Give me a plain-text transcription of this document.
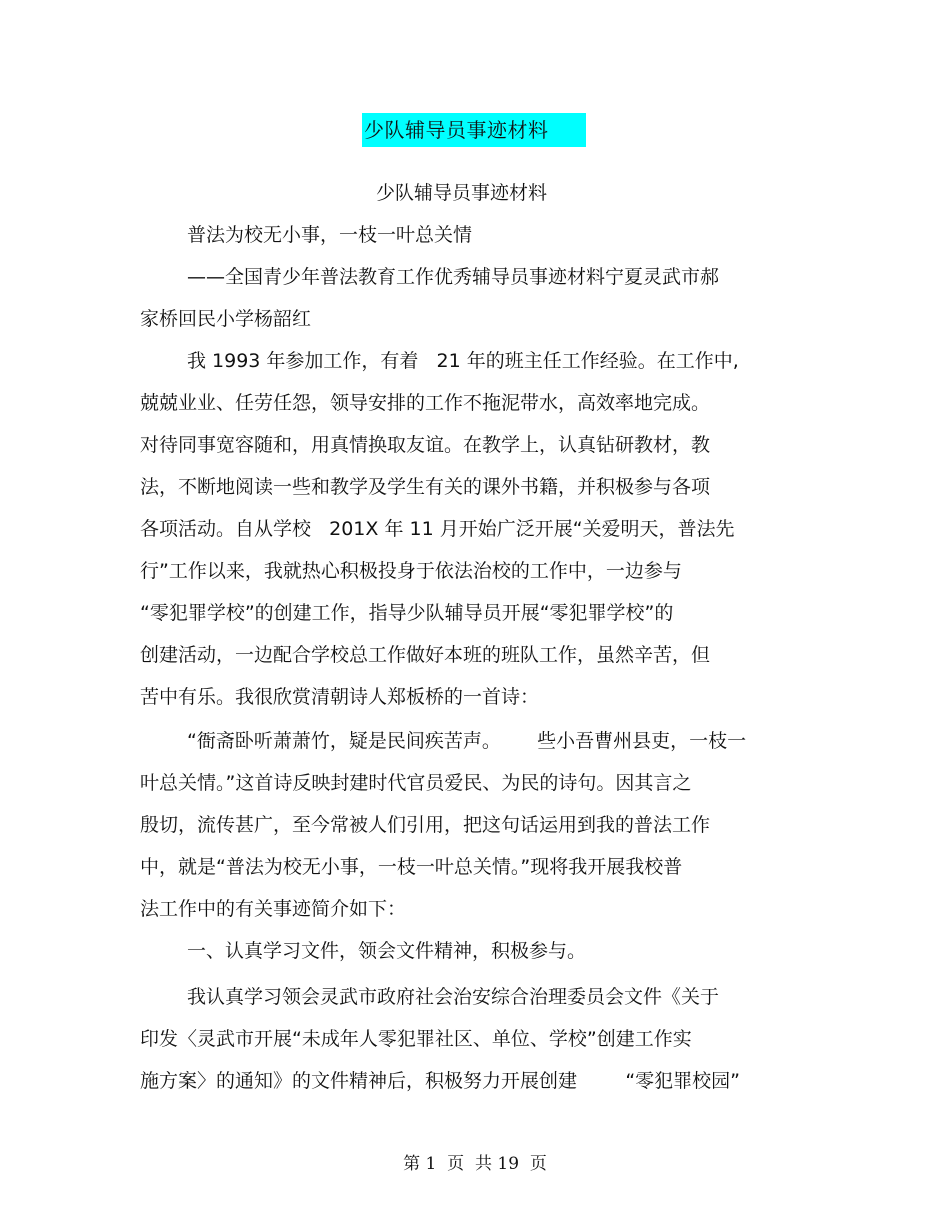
少队辅导员事迹材料

少队辅导员事迹材料

普法为校无小事，一枝一叶总关情

——全国青少年普法教育工作优秀辅导员事迹材料宁夏灵武市郝

家桥回民小学杨韶红

我 1993 年参加工作，有着   21 年的班主任工作经验。在工作中,

兢兢业业、任劳任怨，领导安排的工作不拖泥带水，高效率地完成。

对待同事宽容随和，用真情换取友谊。在教学上，认真钻研教材，教

法，不断地阅读一些和教学及学生有关的课外书籍，并积极参与各项

各项活动。自从学校   201X 年 11 月开始广泛开展“关爱明天，普法先

行”工作以来，我就热心积极投身于依法治校的工作中，一边参与

“零犯罪学校”的创建工作，指导少队辅导员开展“零犯罪学校”的

创建活动，一边配合学校总工作做好本班的班队工作，虽然辛苦，但

苦中有乐。我很欣赏清朝诗人郑板桥的一首诗：

“衙斋卧听萧萧竹，疑是民间疾苦声。      些小吾曹州县吏，一枝一

叶总关情。”这首诗反映封建时代官员爱民、为民的诗句。因其言之

殷切，流传甚广，至今常被人们引用，把这句话运用到我的普法工作

中，就是“普法为校无小事，一枝一叶总关情。”现将我开展我校普

法工作中的有关事迹简介如下：

一、认真学习文件，领会文件精神，积极参与。

我认真学习领会灵武市政府社会治安综合治理委员会文件《关于

印发〈灵武市开展“未成年人零犯罪社区、单位、学校”创建工作实

施方案〉的通知》的文件精神后，积极努力开展创建        “零犯罪校园”

第 1  页  共 19  页
